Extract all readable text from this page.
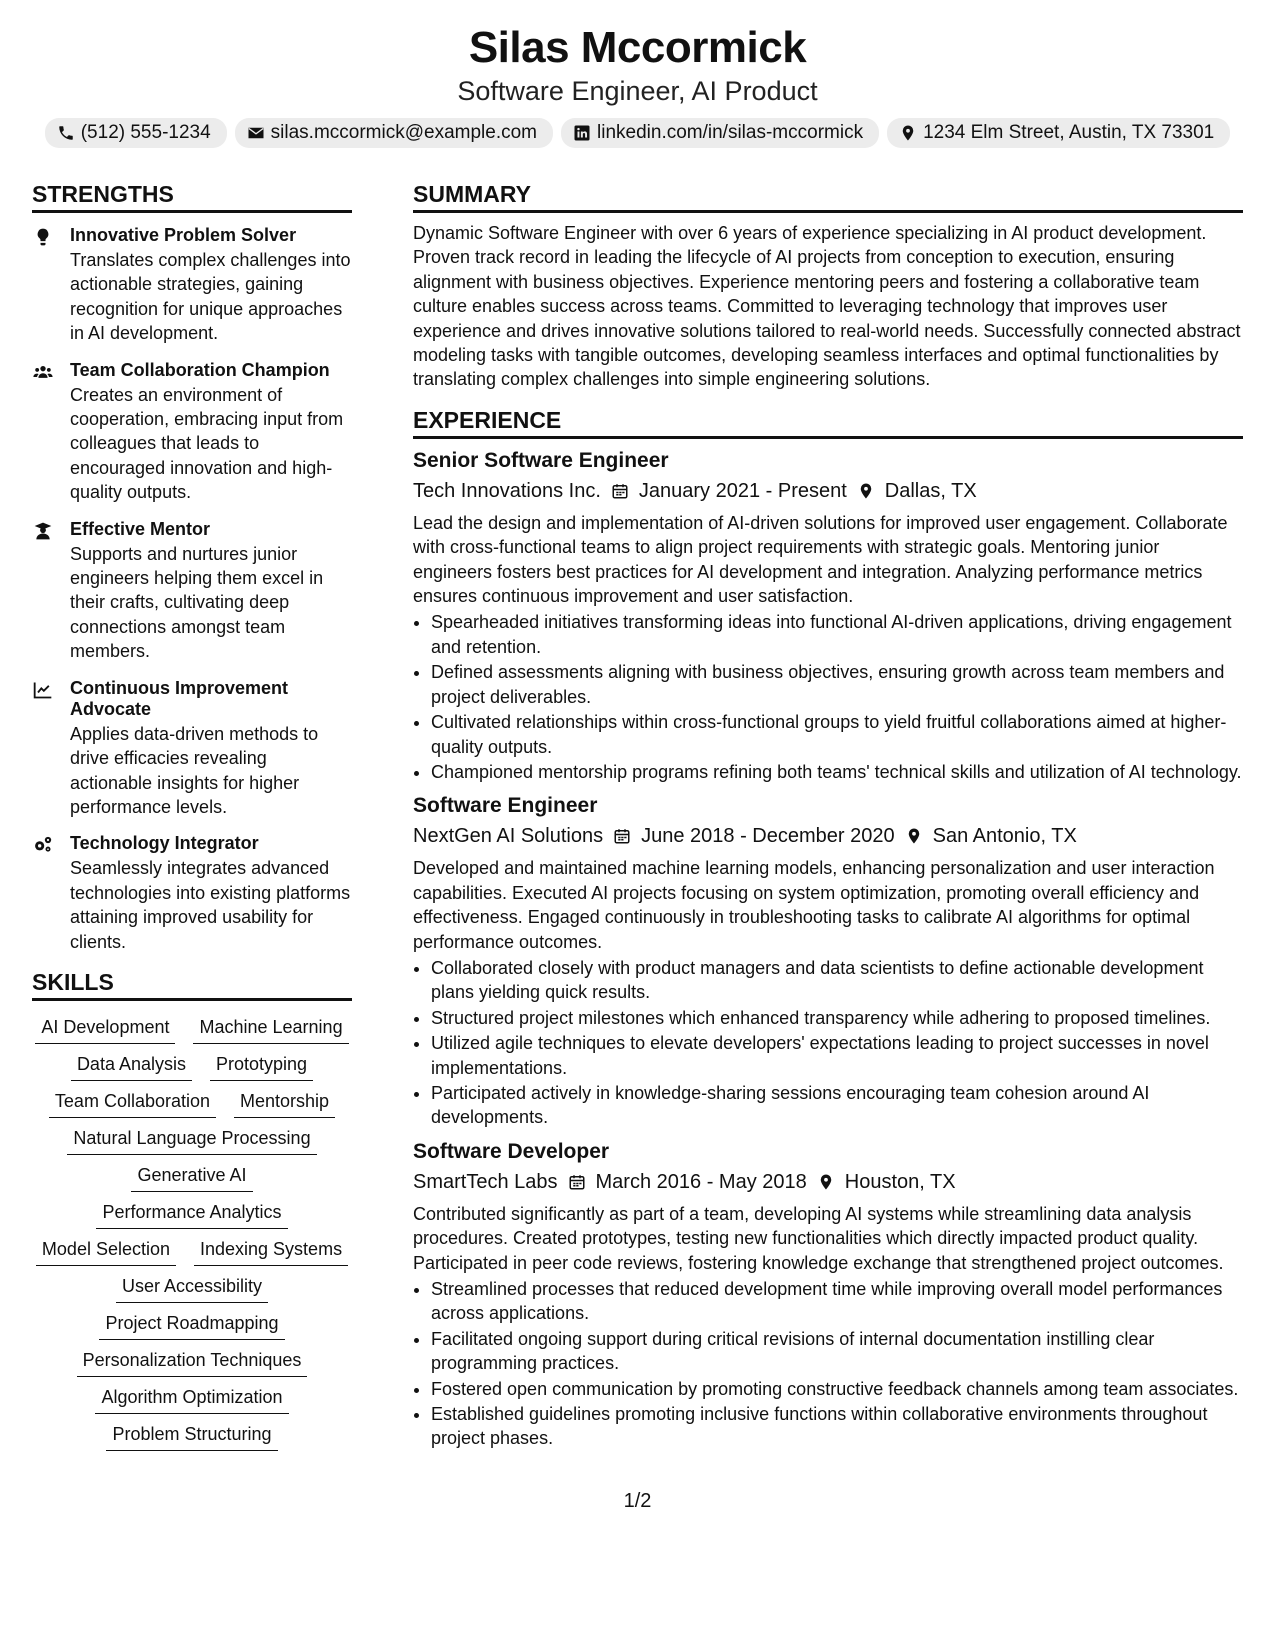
Silas Mccormick

Software Engineer, AI Product

(512) 555-1234	silas.mccormick@example.com	linkedin.com/in/silas-mccormick	1234 Elm Street, Austin, TX 73301
STRENGTHS

Innovative Problem Solver

Translates complex challenges into actionable strategies, gaining recognition for unique approaches in AI development.

Team Collaboration Champion

Creates an environment of cooperation, embracing input from colleagues that leads to encouraged innovation and high-quality outputs.

Effective Mentor

Supports and nurtures junior engineers helping them excel in their crafts, cultivating deep connections amongst team members.

Continuous Improvement Advocate

Applies data-driven methods to drive efficacies revealing actionable insights for higher performance levels.

Technology Integrator

Seamlessly integrates advanced technologies into existing platforms attaining improved usability for clients.

SKILLS
AI Development	Machine Learning
Data Analysis	Prototyping
Team Collaboration	Mentorship
Natural Language Processing
Generative AI
Performance Analytics
Model Selection	Indexing Systems
User Accessibility
Project Roadmapping
Personalization Techniques
Algorithm Optimization
Problem Structuring
SUMMARY

Dynamic Software Engineer with over 6 years of experience specializing in AI product development. Proven track record in leading the lifecycle of AI projects from conception to execution, ensuring alignment with business objectives. Experience mentoring peers and fostering a collaborative team culture enables success across teams. Committed to leveraging technology that improves user experience and drives innovative solutions tailored to real-world needs. Successfully connected abstract modeling tasks with tangible outcomes, developing seamless interfaces and optimal functionalities by translating complex challenges into simple engineering solutions.

EXPERIENCE

Senior Software Engineer

Tech Innovations Inc. January 2021 - Present Dallas, TX

Lead the design and implementation of AI-driven solutions for improved user engagement. Collaborate with cross-functional teams to align project requirements with strategic goals. Mentoring junior engineers fosters best practices for AI development and integration. Analyzing performance metrics ensures continuous improvement and user satisfaction.

• Spearheaded initiatives transforming ideas into functional AI-driven applications, driving engagement and retention.
• Defined assessments aligning with business objectives, ensuring growth across team members and project deliverables.
• Cultivated relationships within cross-functional groups to yield fruitful collaborations aimed at higher-quality outputs.
• Championed mentorship programs refining both teams' technical skills and utilization of AI technology.

Software Engineer

NextGen AI Solutions June 2018 - December 2020 San Antonio, TX

Developed and maintained machine learning models, enhancing personalization and user interaction capabilities. Executed AI projects focusing on system optimization, promoting overall efficiency and effectiveness. Engaged continuously in troubleshooting tasks to calibrate AI algorithms for optimal performance outcomes.

• Collaborated closely with product managers and data scientists to define actionable development plans yielding quick results.
• Structured project milestones which enhanced transparency while adhering to proposed timelines.
• Utilized agile techniques to elevate developers' expectations leading to project successes in novel implementations.
• Participated actively in knowledge-sharing sessions encouraging team cohesion around AI developments.

Software Developer

SmartTech Labs March 2016 - May 2018 Houston, TX

Contributed significantly as part of a team, developing AI systems while streamlining data analysis procedures. Created prototypes, testing new functionalities which directly impacted product quality. Participated in peer code reviews, fostering knowledge exchange that strengthened project outcomes.

• Streamlined processes that reduced development time while improving overall model performances across applications.
• Facilitated ongoing support during critical revisions of internal documentation instilling clear programming practices.
• Fostered open communication by promoting constructive feedback channels among team associates.
• Established guidelines promoting inclusive functions within collaborative environments throughout project phases.
1/2
